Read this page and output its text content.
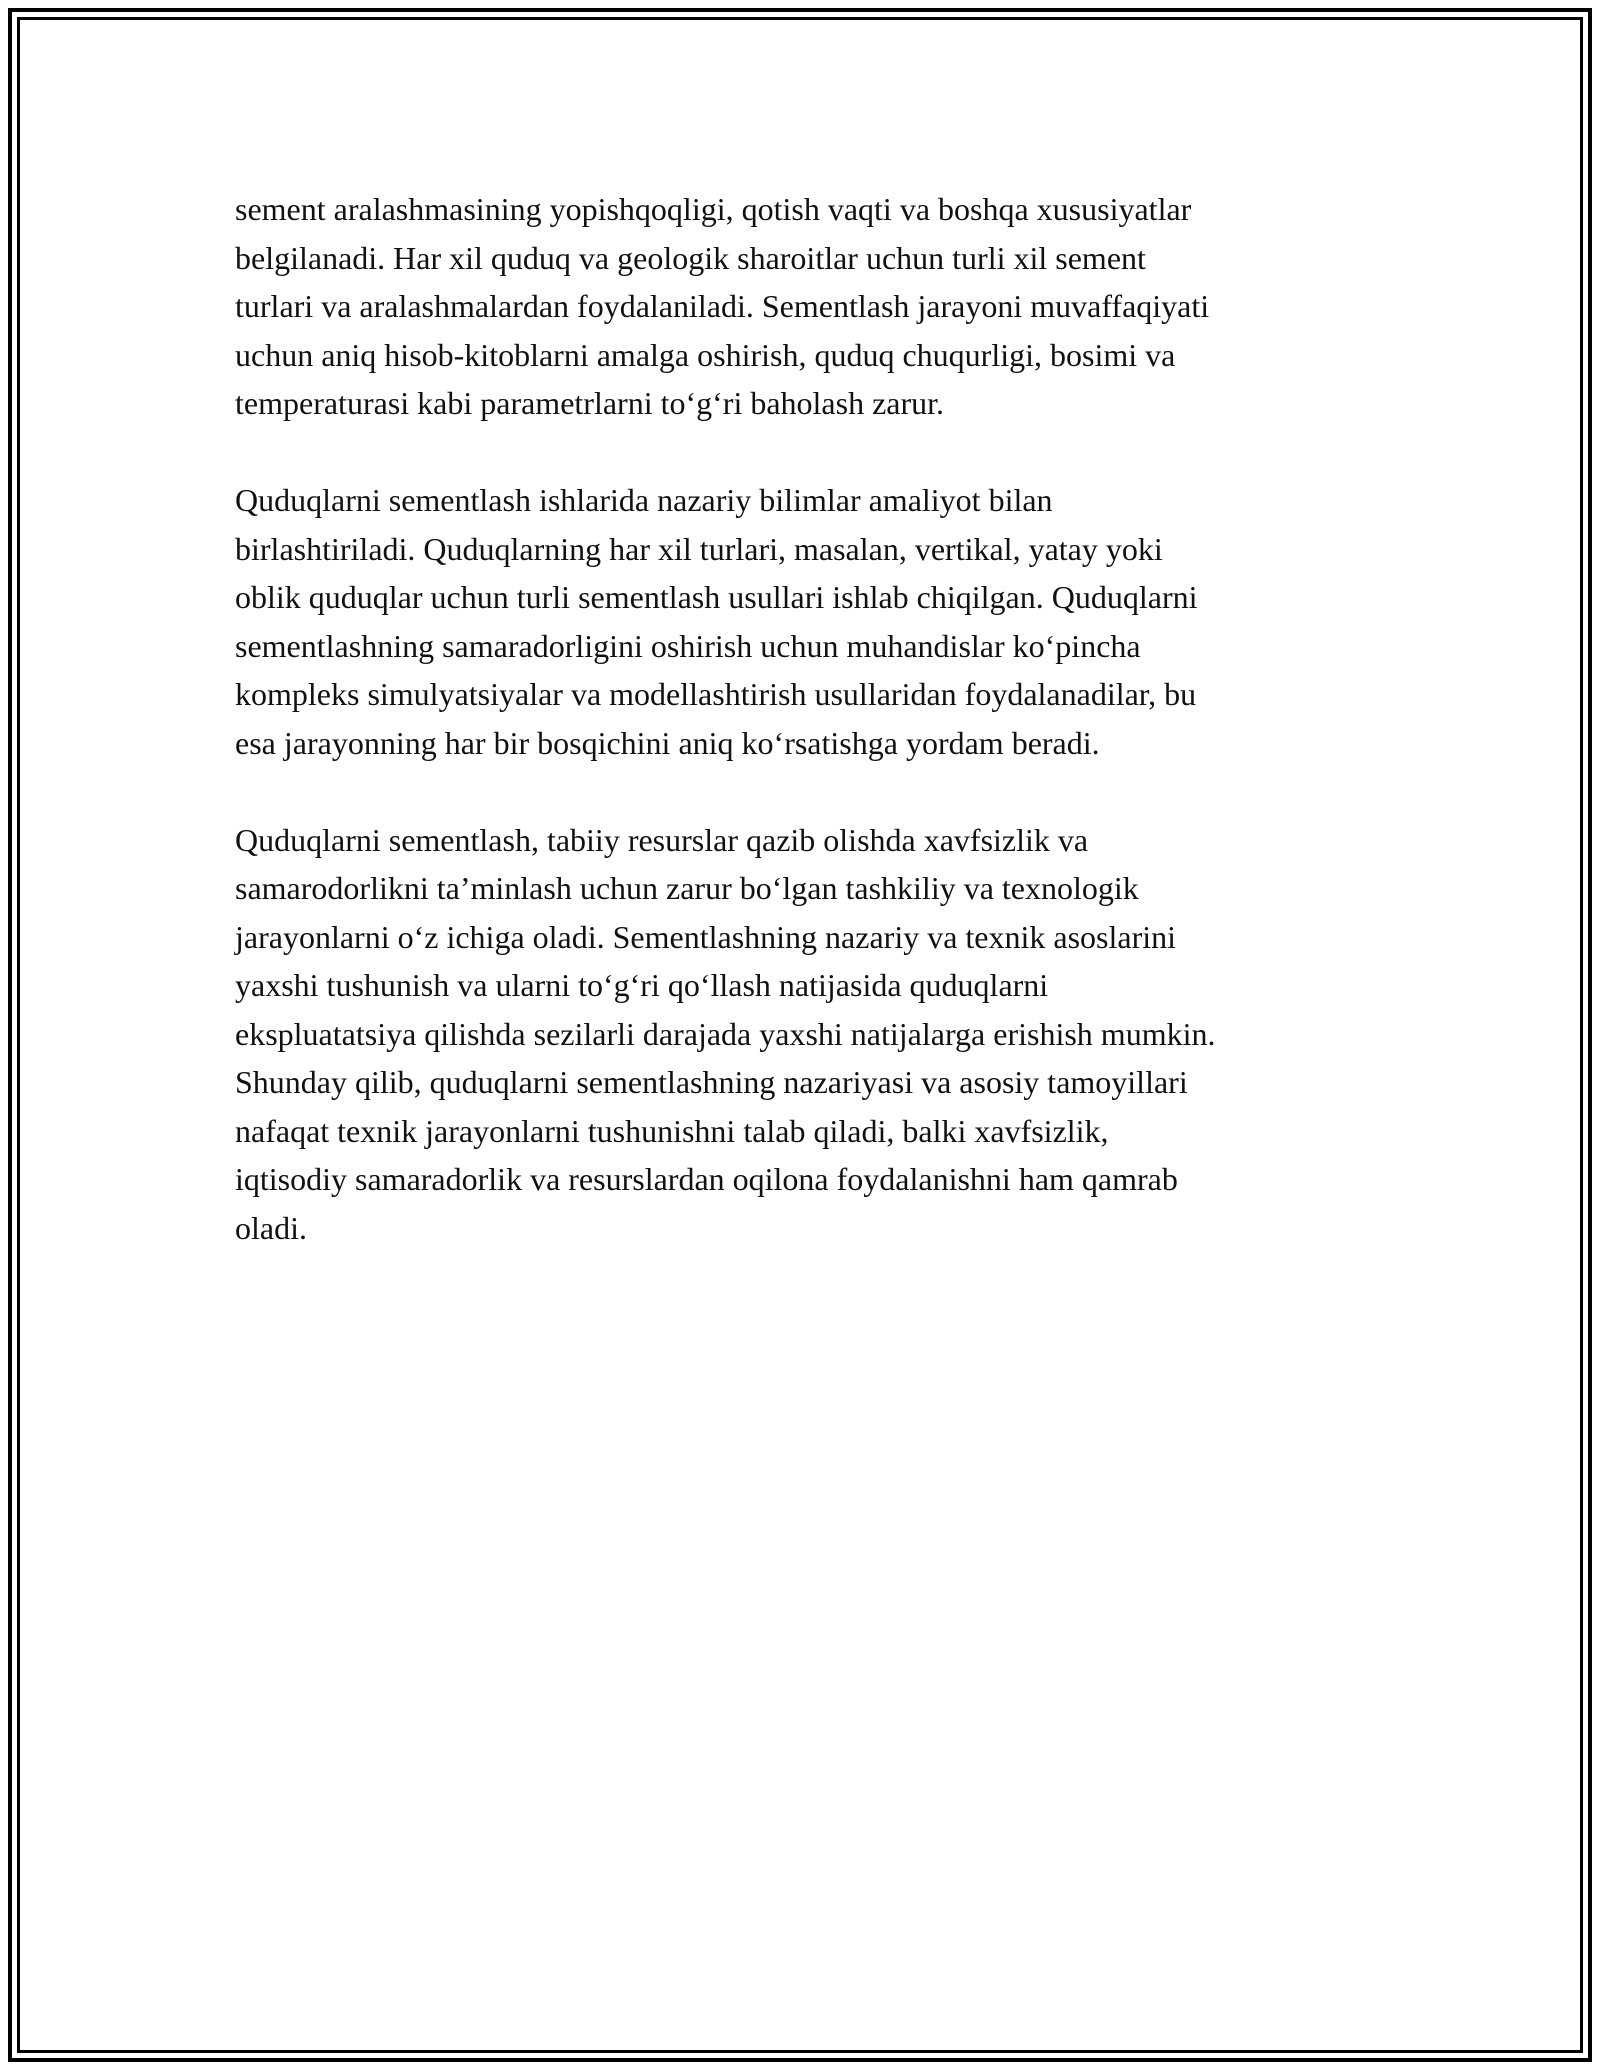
sement aralashmasining yopishqoqligi, qotish vaqti va boshqa xususiyatlar
belgilanadi. Har xil quduq va geologik sharoitlar uchun turli xil sement
turlari va aralashmalardan foydalaniladi. Sementlash jarayoni muvaffaqiyati
uchun aniq hisob-kitoblarni amalga oshirish, quduq chuqurligi, bosimi va
temperaturasi kabi parametrlarni to‘g‘ri baholash zarur.

Quduqlarni sementlash ishlarida nazariy bilimlar amaliyot bilan
birlashtiriladi. Quduqlarning har xil turlari, masalan, vertikal, yatay yoki
oblik quduqlar uchun turli sementlash usullari ishlab chiqilgan. Quduqlarni
sementlashning samaradorligini oshirish uchun muhandislar ko‘pincha
kompleks simulyatsiyalar va modellashtirish usullaridan foydalanadilar, bu
esa jarayonning har bir bosqichini aniq ko‘rsatishga yordam beradi.

Quduqlarni sementlash, tabiiy resurslar qazib olishda xavfsizlik va
samarodorlikni ta’minlash uchun zarur bo‘lgan tashkiliy va texnologik
jarayonlarni o‘z ichiga oladi. Sementlashning nazariy va texnik asoslarini
yaxshi tushunish va ularni to‘g‘ri qo‘llash natijasida quduqlarni
ekspluatatsiya qilishda sezilarli darajada yaxshi natijalarga erishish mumkin.
Shunday qilib, quduqlarni sementlashning nazariyasi va asosiy tamoyillari
nafaqat texnik jarayonlarni tushunishni talab qiladi, balki xavfsizlik,
iqtisodiy samaradorlik va resurslardan oqilona foydalanishni ham qamrab
oladi.
